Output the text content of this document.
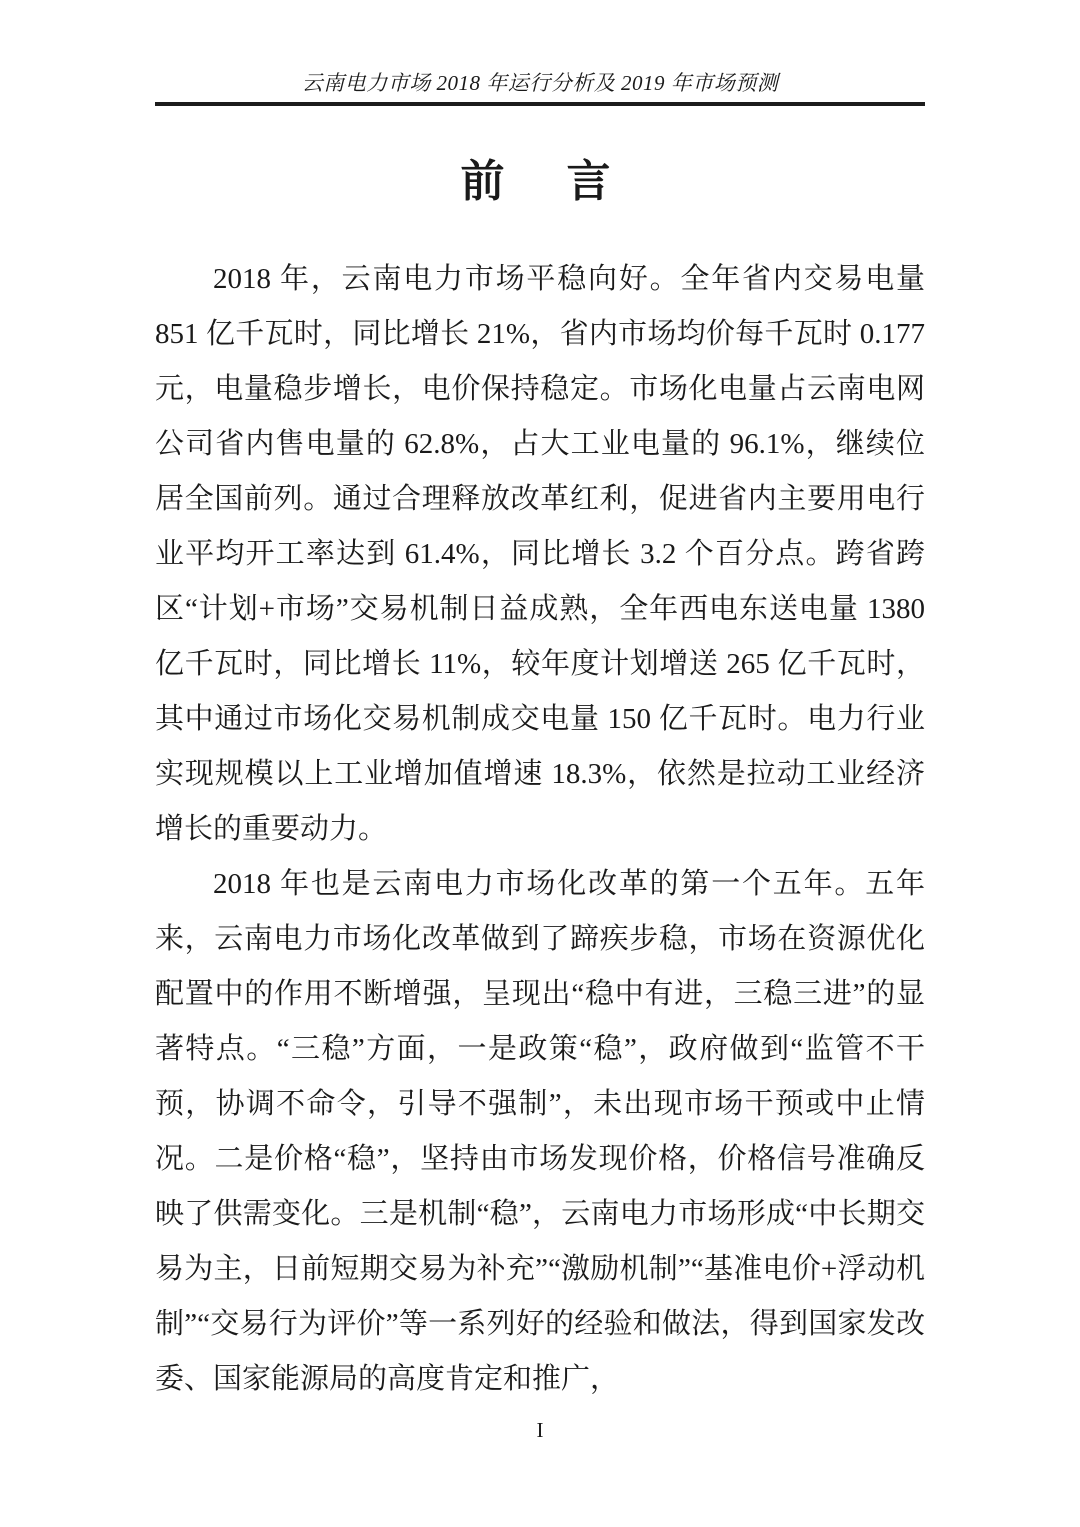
云南电力市场 2018 年运行分析及 2019 年市场预测
前　言

2018 年，云南电力市场平稳向好。全年省内交易电量 851 亿千瓦时，同比增长 21%，省内市场均价每千瓦时 0.177 元，电量稳步增长，电价保持稳定。市场化电量占云南电网公司省内售电量的 62.8%，占大工业电量的 96.1%，继续位居全国前列。通过合理释放改革红利，促进省内主要用电行业平均开工率达到 61.4%，同比增长 3.2 个百分点。跨省跨区“计划+市场”交易机制日益成熟，全年西电东送电量 1380 亿千瓦时，同比增长 11%，较年度计划增送 265 亿千瓦时，其中通过市场化交易机制成交电量 150 亿千瓦时。电力行业实现规模以上工业增加值增速 18.3%，依然是拉动工业经济增长的重要动力。

2018 年也是云南电力市场化改革的第一个五年。五年来，云南电力市场化改革做到了蹄疾步稳，市场在资源优化配置中的作用不断增强，呈现出“稳中有进，三稳三进”的显著特点。“三稳”方面，一是政策“稳”，政府做到“监管不干预，协调不命令，引导不强制”，未出现市场干预或中止情况。二是价格“稳”，坚持由市场发现价格，价格信号准确反映了供需变化。三是机制“稳”，云南电力市场形成“中长期交易为主，日前短期交易为补充”“激励机制”“基准电价+浮动机制”“交易行为评价”等一系列好的经验和做法，得到国家发改委、国家能源局的高度肯定和推广，

I
